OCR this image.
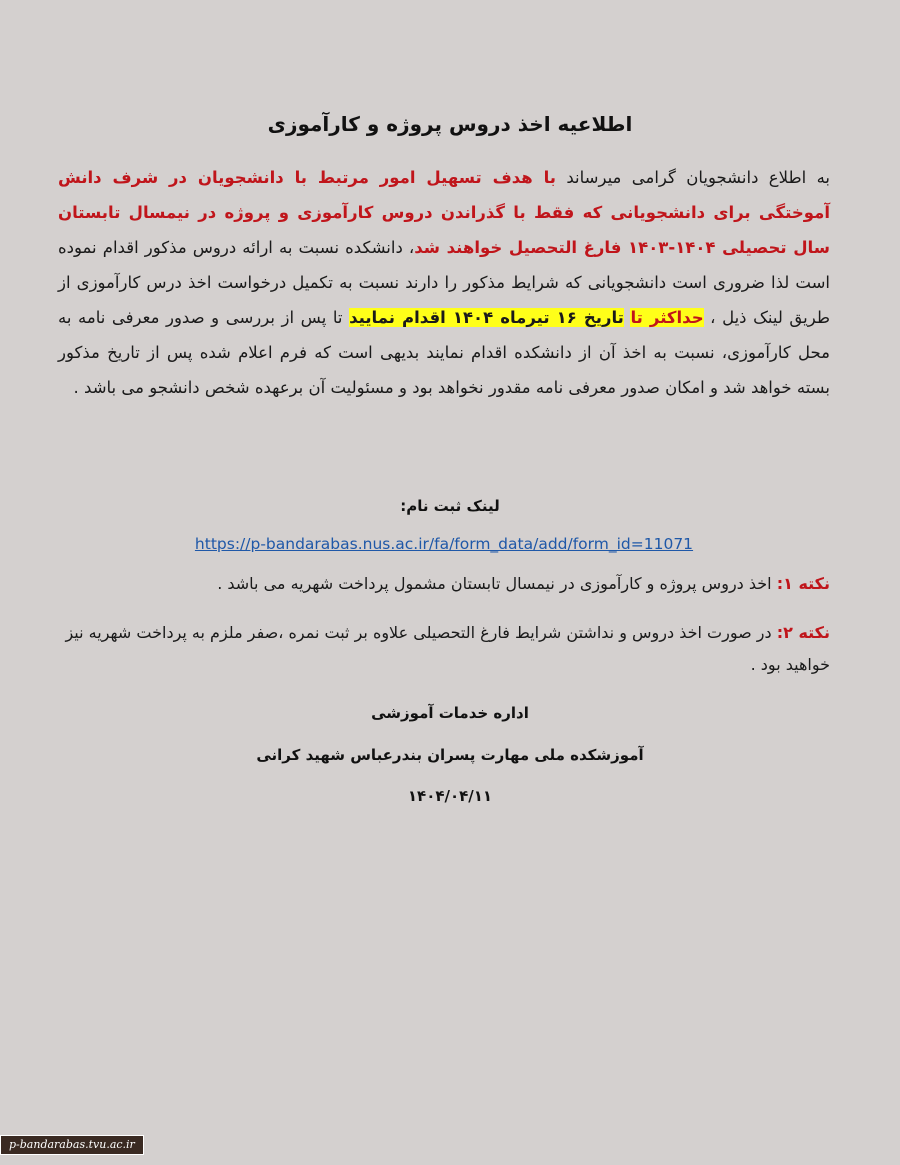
اطلاعیه اخذ دروس پروژه و کارآموزی
به اطلاع دانشجویان گرامی میرساند با هدف تسهیل امور مرتبط با دانشجویان در شرف دانش آموختگی برای دانشجویانی که فقط با گذراندن دروس کارآموزی و پروژه در نیمسال تابستان سال تحصیلی ۱۴۰۴-۱۴۰۳ فارغ التحصیل خواهند شد، دانشکده نسبت به ارائه دروس مذکور اقدام نموده است لذا ضروری است دانشجویانی که شرایط مذکور را دارند نسبت به تکمیل درخواست اخذ درس کارآموزی از طریق لینک ذیل ، حداکثر تا تاریخ ۱۶ تیرماه ۱۴۰۴ اقدام نمایید تا پس از بررسی و صدور معرفی نامه به محل کارآموزی، نسبت به اخذ آن از دانشکده اقدام نمایند بدیهی است که فرم اعلام شده پس از تاریخ مذکور بسته خواهد شد و امکان صدور معرفی نامه مقدور نخواهد بود و مسئولیت آن برعهده شخص دانشجو می باشد .
لینک ثبت نام:
https://p-bandarabas.nus.ac.ir/fa/form_data/add/form_id=11071
نکته ۱: اخذ دروس پروژه و کارآموزی در نیمسال تابستان مشمول پرداخت شهریه می باشد .
نکته ۲: در صورت اخذ دروس و نداشتن شرایط فارغ التحصیلی علاوه بر ثبت نمره ،صفر ملزم به پرداخت شهریه نیز خواهید بود .
اداره خدمات آموزشی
آموزشکده ملی مهارت پسران بندرعباس شهید کرانی
۱۴۰۴/۰۴/۱۱
p-bandarabas.tvu.ac.ir
